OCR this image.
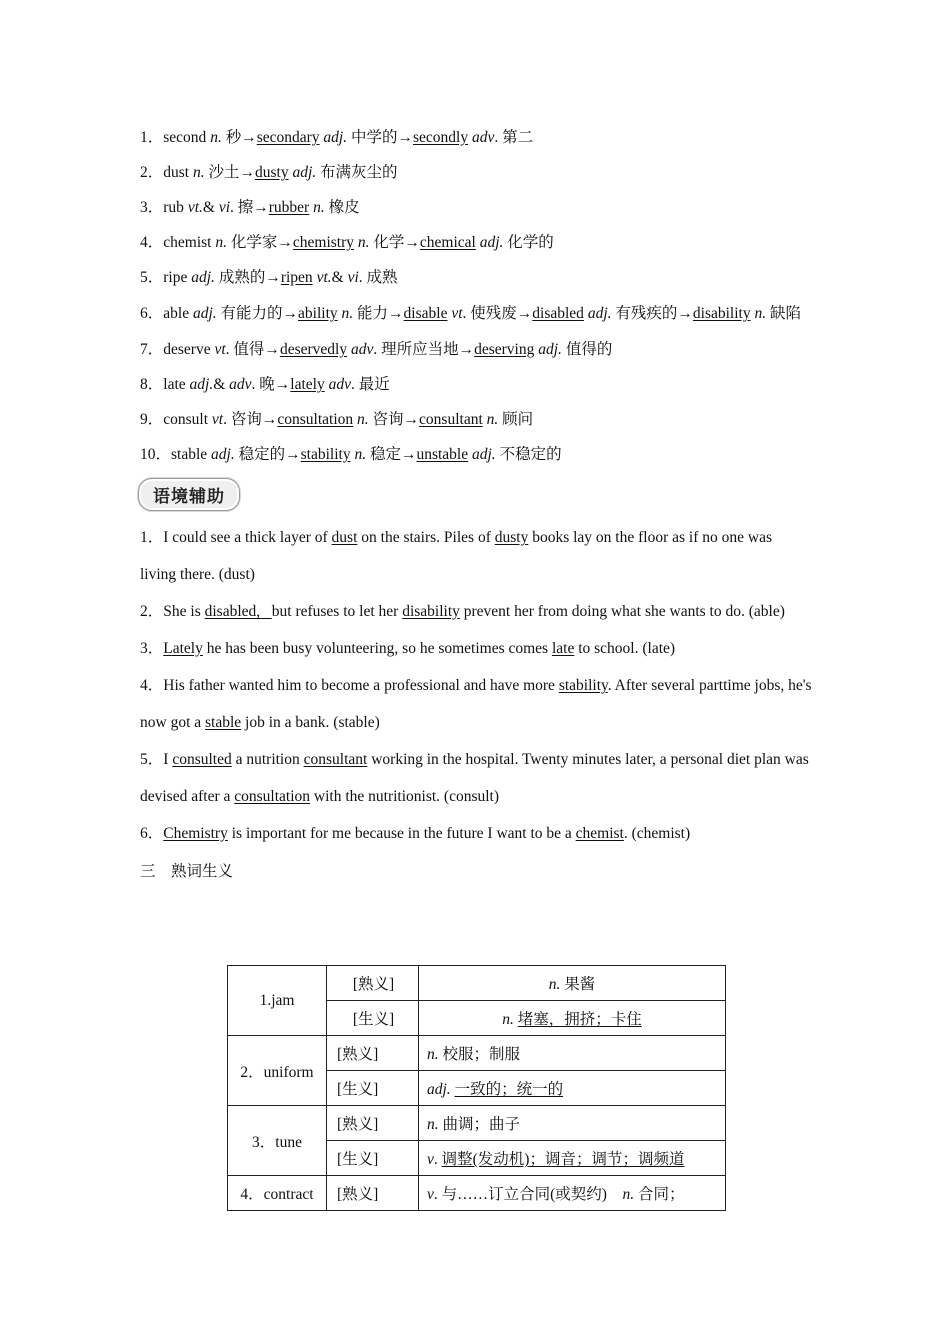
1．second n. 秒→secondary adj. 中学的→secondly adv. 第二
2．dust n. 沙土→dusty adj. 布满灰尘的
3．rub vt.& vi. 擦→rubber n. 橡皮
4．chemist n. 化学家→chemistry n. 化学→chemical adj. 化学的
5．ripe adj. 成熟的→ripen vt.& vi. 成熟
6．able adj. 有能力的→ability n. 能力→disable vt. 使残废→disabled adj. 有残疾的→disability n. 缺陷
7．deserve vt. 值得→deservedly adv. 理所应当地→deserving adj. 值得的
8．late adj.& adv. 晚→lately adv. 最近
9．consult vt. 咨询→consultation n. 咨询→consultant n. 顾问
10．stable adj. 稳定的→stability n. 稳定→unstable adj. 不稳定的
语境辅助
1．I could see a thick layer of dust on the stairs. Piles of dusty books lay on the floor as if no one was living there. (dust)
2．She is disabled,   but refuses to let her disability prevent her from doing what she wants to do. (able)
3．Lately he has been busy volunteering, so he sometimes comes late to school. (late)
4．His father wanted him to become a professional and have more stability. After several parttime jobs, he's now got a stable job in a bank. (stable)
5．I consulted a nutrition consultant working in the hospital. Twenty minutes later, a personal diet plan was devised after a consultation with the nutritionist. (consult)
6．Chemistry is important for me because in the future I want to be a chemist. (chemist)
三　熟词生义
1.jam	[熟义]	n. 果酱
	[生义]	n. 堵塞，拥挤；卡住
2．uniform	[熟义]	n. 校服；制服
	[生义]	adj. 一致的；统一的
3．tune	[熟义]	n. 曲调；曲子
	[生义]	v. 调整(发动机)；调音；调节；调频道
4．contract	[熟义]	v. 与……订立合同(或契约)　n. 合同；
